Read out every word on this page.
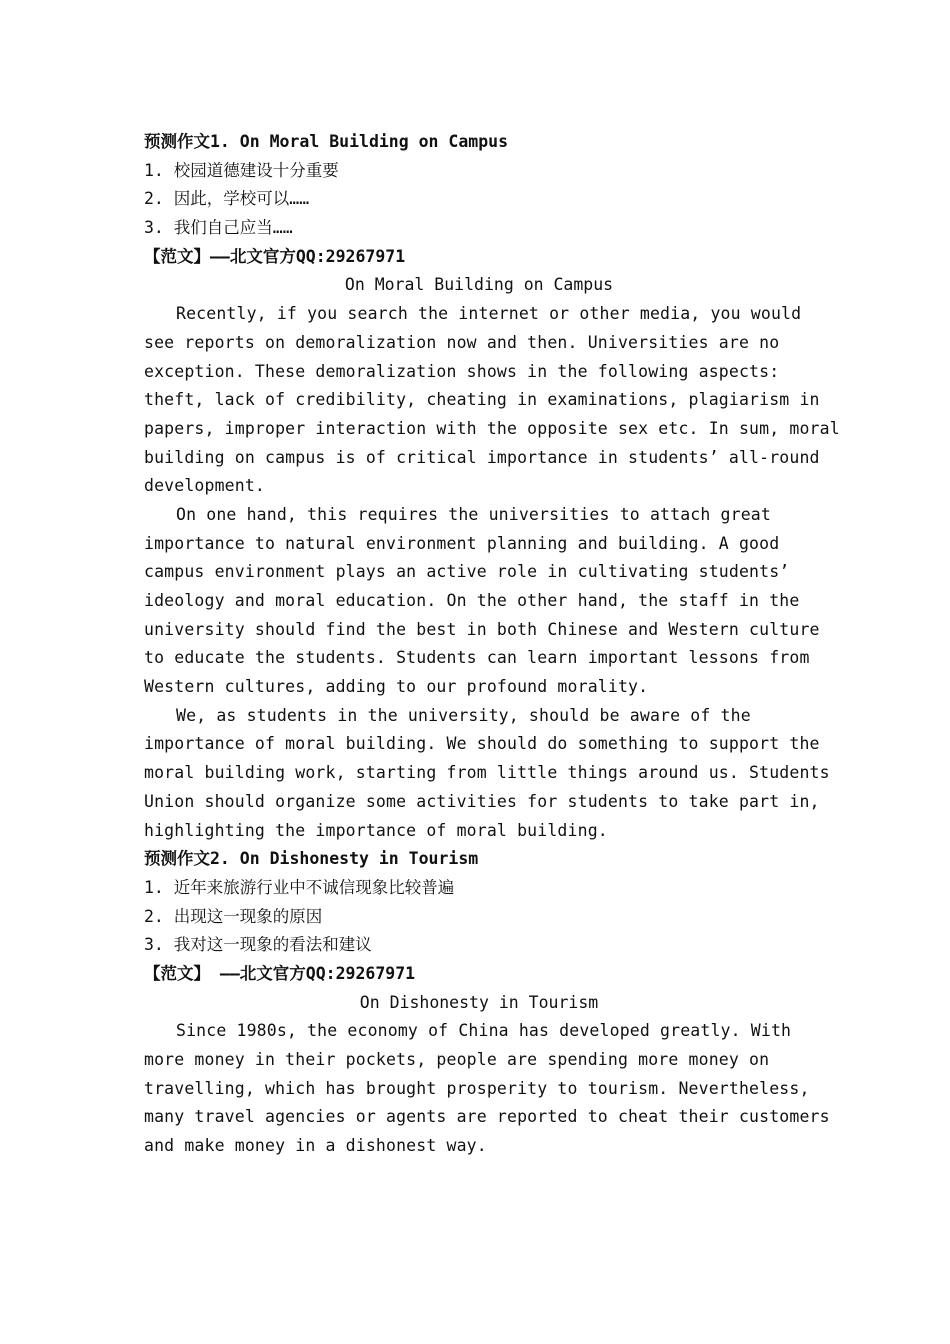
预测作文1. On Moral Building on Campus
1. 校园道德建设十分重要
2. 因此，学校可以……
3. 我们自己应当……
【范文】——北文官方QQ:29267971
On Moral Building on Campus
Recently, if you search the internet or other media, you would
see reports on demoralization now and then. Universities are no
exception. These demoralization shows in the following aspects:
theft, lack of credibility, cheating in examinations, plagiarism in
papers, improper interaction with the opposite sex etc. In sum, moral
building on campus is of critical importance in students’ all-round
development.
On one hand, this requires the universities to attach great
importance to natural environment planning and building. A good
campus environment plays an active role in cultivating students’
ideology and moral education. On the other hand, the staff in the
university should find the best in both Chinese and Western culture
to educate the students. Students can learn important lessons from
Western cultures, adding to our profound morality.
We, as students in the university, should be aware of the
importance of moral building. We should do something to support the
moral building work, starting from little things around us. Students
Union should organize some activities for students to take part in,
highlighting the importance of moral building.
预测作文2. On Dishonesty in Tourism
1. 近年来旅游行业中不诚信现象比较普遍
2. 出现这一现象的原因
3. 我对这一现象的看法和建议
【范文】 ——北文官方QQ:29267971
On Dishonesty in Tourism
Since 1980s, the economy of China has developed greatly. With
more money in their pockets, people are spending more money on
travelling, which has brought prosperity to tourism. Nevertheless,
many travel agencies or agents are reported to cheat their customers
and make money in a dishonest way.
